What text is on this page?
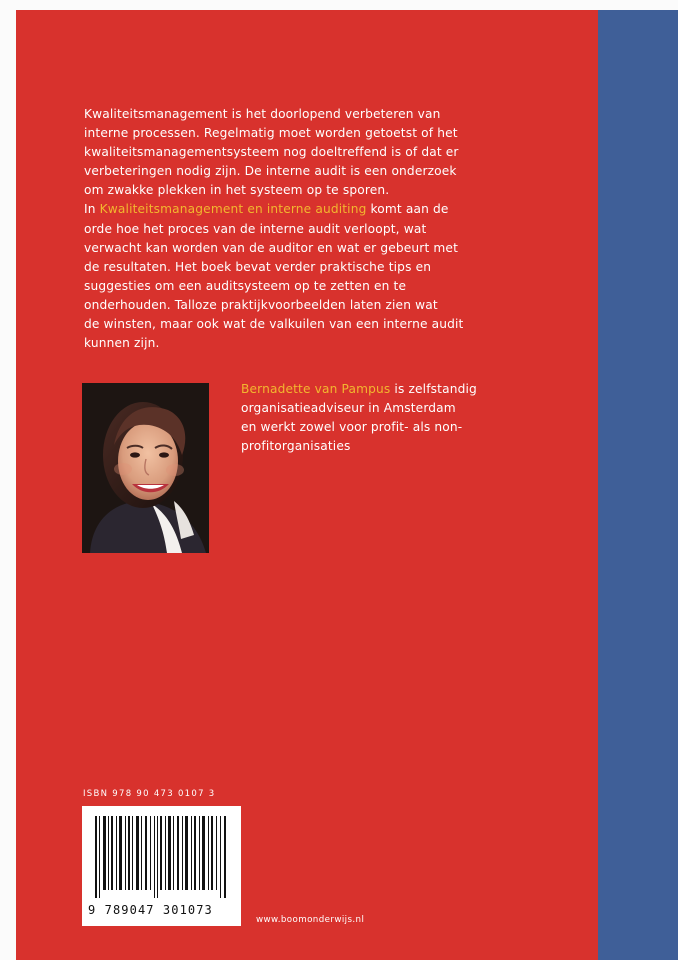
Kwaliteitsmanagement is het doorlopend verbeteren van
interne processen. Regelmatig moet worden getoetst of het
kwaliteitsmanagementsysteem nog doeltreffend is of dat er
verbeteringen nodig zijn. De interne audit is een onderzoek
om zwakke plekken in het systeem op te sporen.

In Kwaliteitsmanagement en interne auditing komt aan de
orde hoe het proces van de interne audit verloopt, wat
verwacht kan worden van de auditor en wat er gebeurt met
de resultaten. Het boek bevat verder praktische tips en
suggesties om een auditsysteem op te zetten en te
onderhouden. Talloze praktijkvoorbeelden laten zien wat
de winsten, maar ook wat de valkuilen van een interne audit
kunnen zijn.

Bernadette van Pampus is zelfstandig
organisatieadviseur in Amsterdam
en werkt zowel voor profit- als non-
profitorganisaties

ISBN 978 90 473 0107 3
9 789047 301073
www.boomonderwijs.nl
